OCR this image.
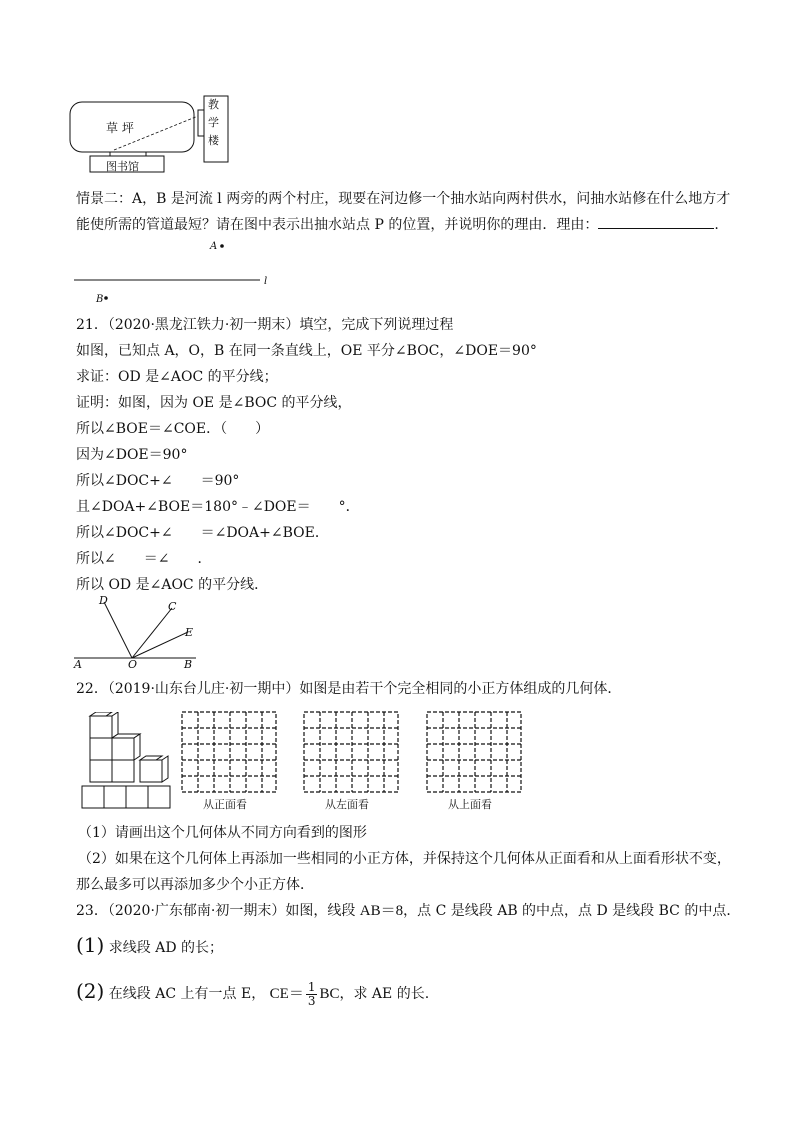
草 坪
教
学
楼
图书馆
情景二：A，B 是河流 l 两旁的两个村庄，现要在河边修一个抽水站向两村供水，问抽水站修在什么地方才
能使所需的管道最短？请在图中表示出抽水站点 P 的位置，并说明你的理由．理由：	.
A
l
B
21．（2020·黑龙江铁力·初一期末）填空，完成下列说理过程
如图，已知点 A，O，B 在同一条直线上，OE 平分∠BOC，∠DOE＝90°
求证：OD 是∠AOC 的平分线；
证明：如图，因为 OE 是∠BOC 的平分线，
所以∠BOE＝∠COE．（　　）
因为∠DOE＝90°
所以∠DOC+∠　　＝90°
且∠DOA+∠BOE＝180°﹣∠DOE＝　　°．
所以∠DOC+∠　　＝∠DOA+∠BOE．
所以∠　　＝∠　　．
所以 OD 是∠AOC 的平分线．
D	C
E
A	O	B
22．（2019·山东台儿庄·初一期中）如图是由若干个完全相同的小正方体组成的几何体．
从正面看	从左面看	从上面看
（1）请画出这个几何体从不同方向看到的图形
（2）如果在这个几何体上再添加一些相同的小正方体，并保持这个几何体从正面看和从上面看形状不变，
那么最多可以再添加多少个小正方体．
23．（2020·广东郁南·初一期末）如图，线段 AB＝8，点 C 是线段 AB 的中点，点 D 是线段 BC 的中点．
(1) 求线段 AD 的长；
(2) 在线段 AC 上有一点 E， $CE= \frac{1}{3}$ BC，求 AE 的长.
